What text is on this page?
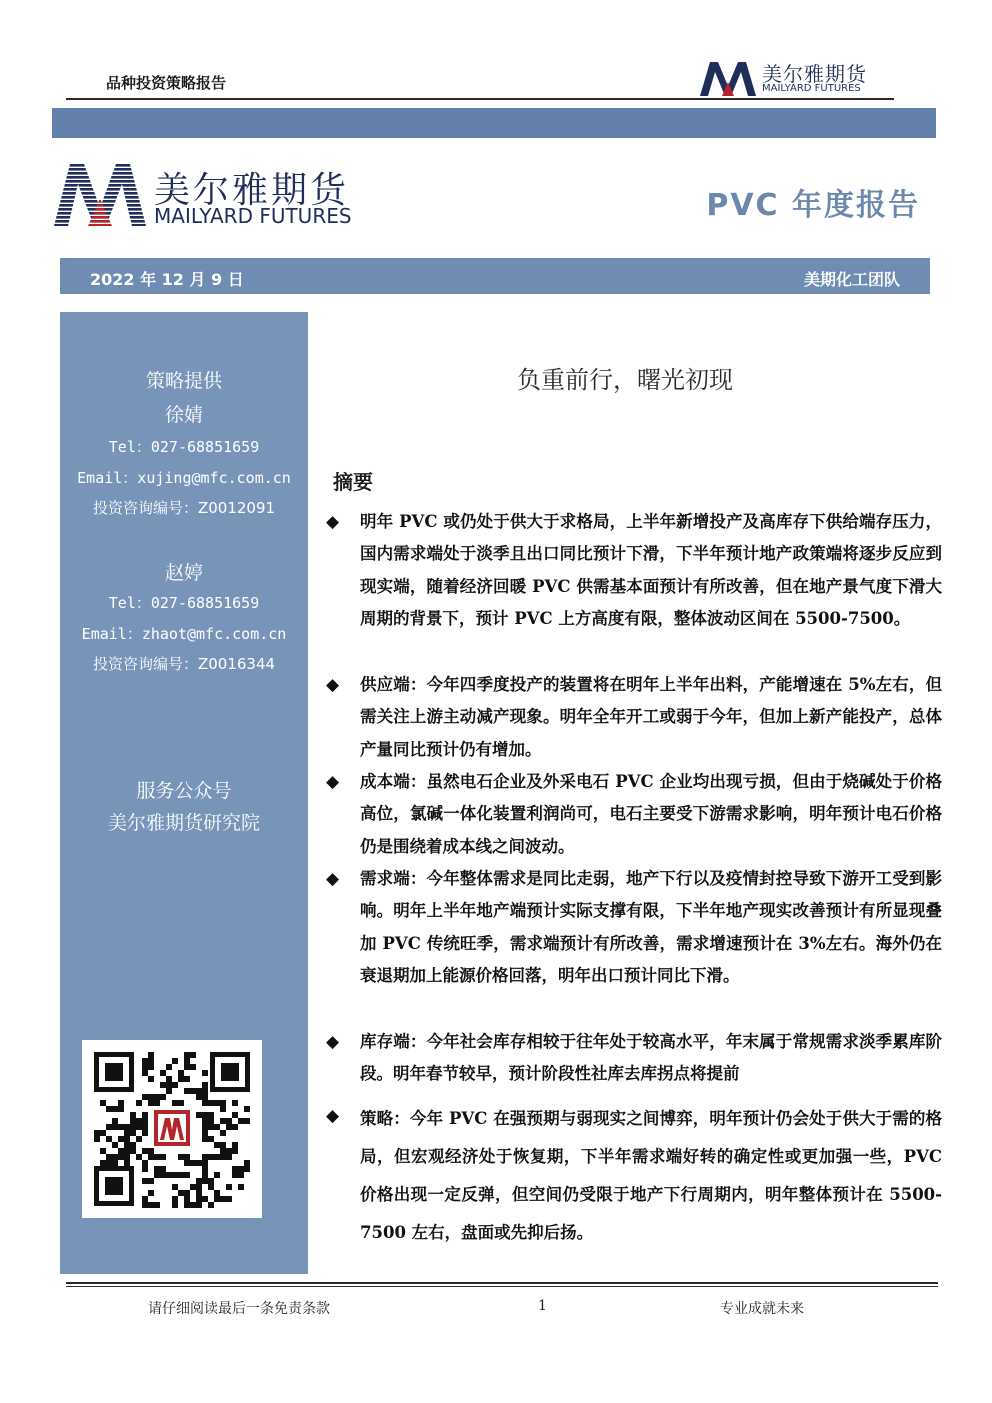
品种投资策略报告	美尔雅期货
MAILYARD FUTURES
美尔雅期货
MAILYARD FUTURES	PVC 年度报告
2022 年 12 月 9 日	美期化工团队
策略提供
徐婧
Tel：027-68851659
Email：xujing@mfc.com.cn
投资咨询编号：Z0012091
赵婷
Tel：027-68851659
Email：zhaot@mfc.com.cn
投资咨询编号：Z0016344
服务公众号
美尔雅期货研究院
负重前行，曙光初现
摘要
◆ 明年 PVC 或仍处于供大于求格局，上半年新增投产及高库存下供给端存压力，国内需求端处于淡季且出口同比预计下滑，下半年预计地产政策端将逐步反应到现实端，随着经济回暖 PVC 供需基本面预计有所改善，但在地产景气度下滑大周期的背景下，预计 PVC 上方高度有限，整体波动区间在 5500-7500。
◆ 供应端：今年四季度投产的装置将在明年上半年出料，产能增速在 5%左右，但需关注上游主动减产现象。明年全年开工或弱于今年，但加上新产能投产，总体产量同比预计仍有增加。
◆ 成本端：虽然电石企业及外采电石 PVC 企业均出现亏损，但由于烧碱处于价格高位，氯碱一体化装置利润尚可，电石主要受下游需求影响，明年预计电石价格仍是围绕着成本线之间波动。
◆ 需求端：今年整体需求是同比走弱，地产下行以及疫情封控导致下游开工受到影响。明年上半年地产端预计实际支撑有限，下半年地产现实改善预计有所显现叠加 PVC 传统旺季，需求端预计有所改善，需求增速预计在 3%左右。海外仍在衰退期加上能源价格回落，明年出口预计同比下滑。
◆ 库存端：今年社会库存相较于往年处于较高水平，年末属于常规需求淡季累库阶段。明年春节较早，预计阶段性社库去库拐点将提前
◆ 策略：今年 PVC 在强预期与弱现实之间博弈，明年预计仍会处于供大于需的格局，但宏观经济处于恢复期，下半年需求端好转的确定性或更加强一些，PVC 价格出现一定反弹，但空间仍受限于地产下行周期内，明年整体预计在 5500-7500 左右，盘面或先抑后扬。
请仔细阅读最后一条免责条款	1	专业成就未来
